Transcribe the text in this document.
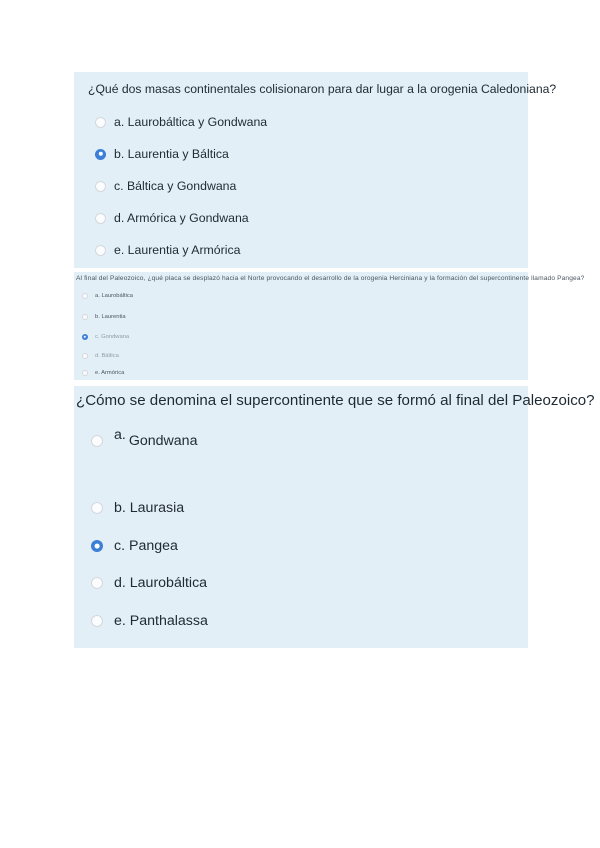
¿Qué dos masas continentales colisionaron para dar lugar a la orogenia Caledoniana?
a. Laurobáltica y Gondwana
b. Laurentia y Báltica
c. Báltica y Gondwana
d. Armórica y Gondwana
e. Laurentia y Armórica
Al final del Paleozoico, ¿qué placa se desplazó hacia el Norte provocando el desarrollo de la orogenia Herciniana y la formación del supercontinente llamado Pangea?
a. Laurobáltica
b. Laurentia
c. Gondwana
d. Báltica
e. Armórica
¿Cómo se denomina el supercontinente que se formó al final del Paleozoico?
a. Gondwana
b. Laurasia
c. Pangea
d. Laurobáltica
e. Panthalassa
